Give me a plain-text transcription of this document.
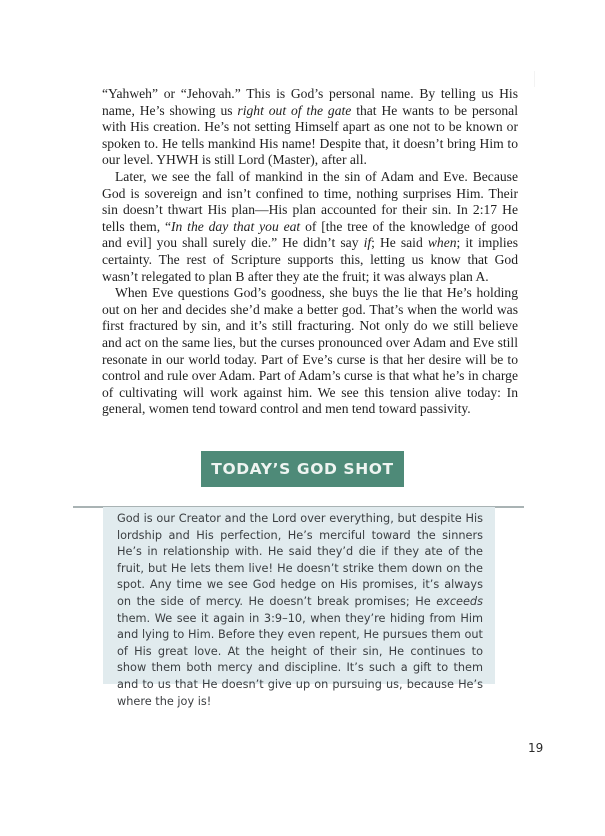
“Yahweh” or “Jehovah.” This is God’s personal name. By telling us His name, He’s showing us right out of the gate that He wants to be personal with His creation. He’s not setting Himself apart as one not to be known or spoken to. He tells mankind His name! Despite that, it doesn’t bring Him to our level. YHWH is still Lord (Master), after all.

Later, we see the fall of mankind in the sin of Adam and Eve. Because God is sovereign and isn’t confined to time, nothing surprises Him. Their sin doesn’t thwart His plan—His plan accounted for their sin. In 2:17 He tells them, “In the day that you eat of [the tree of the knowledge of good and evil] you shall surely die.” He didn’t say if; He said when; it implies certainty. The rest of Scripture supports this, letting us know that God wasn’t relegated to plan B after they ate the fruit; it was always plan A.

When Eve questions God’s goodness, she buys the lie that He’s holding out on her and decides she’d make a better god. That’s when the world was first fractured by sin, and it’s still fracturing. Not only do we still believe and act on the same lies, but the curses pronounced over Adam and Eve still resonate in our world today. Part of Eve’s curse is that her desire will be to control and rule over Adam. Part of Adam’s curse is that what he’s in charge of cultivating will work against him. We see this tension alive today: In general, women tend toward control and men tend toward passivity.

TODAY’S GOD SHOT
God is our Creator and the Lord over everything, but despite His lordship and His perfection, He’s merciful toward the sinners He’s in relationship with. He said they’d die if they ate of the fruit, but He lets them live! He doesn’t strike them down on the spot. Any time we see God hedge on His promises, it’s always on the side of mercy. He doesn’t break promises; He exceeds them. We see it again in 3:9–10, when they’re hiding from Him and lying to Him. Before they even repent, He pursues them out of His great love. At the height of their sin, He continues to show them both mercy and discipline. It’s such a gift to them and to us that He doesn’t give up on pursuing us, because He’s where the joy is!
19
